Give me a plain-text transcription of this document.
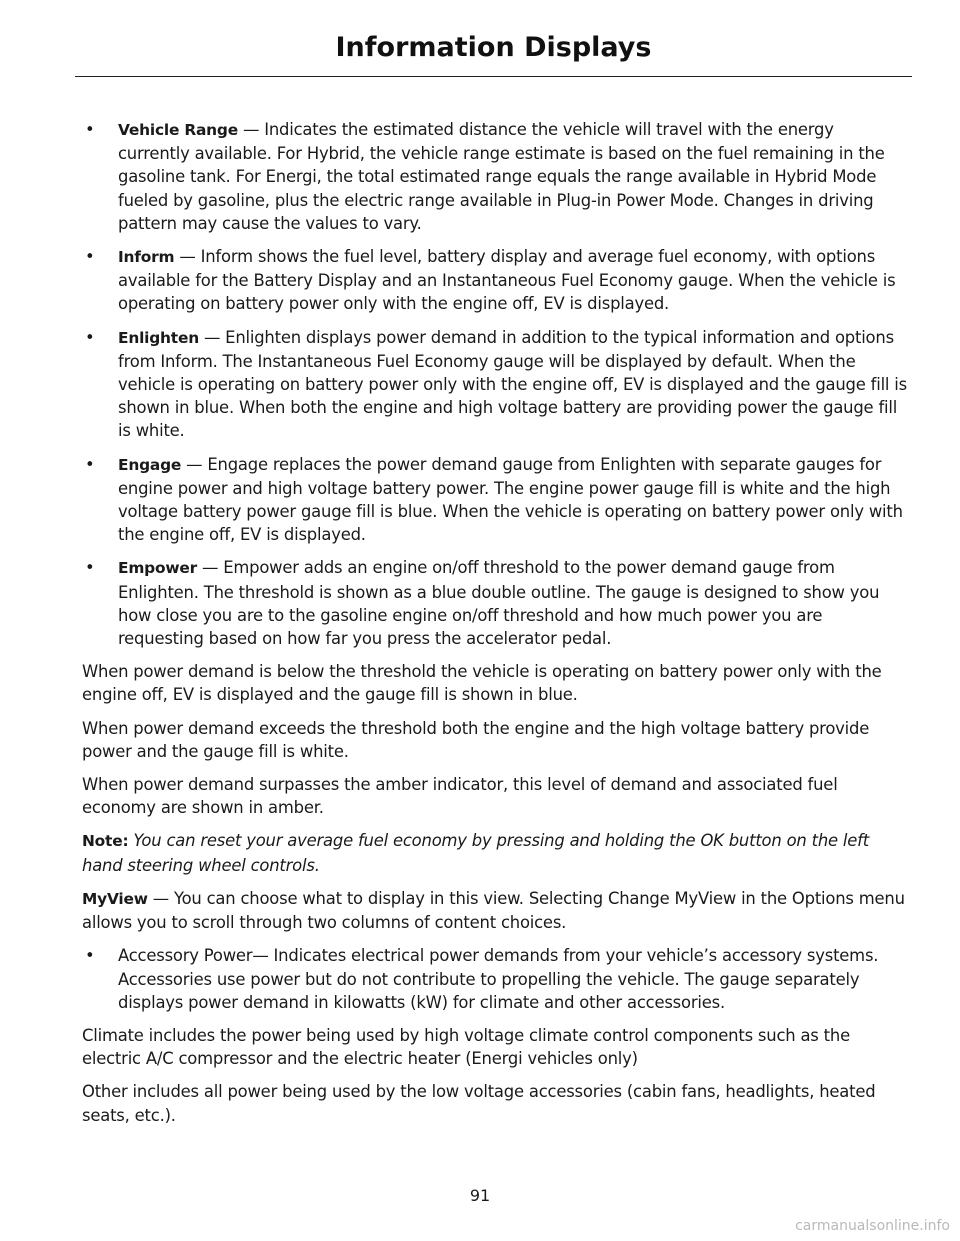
Information Displays
• Vehicle Range — Indicates the estimated distance the vehicle will travel with the energy currently available. For Hybrid, the vehicle range estimate is based on the fuel remaining in the gasoline tank. For Energi, the total estimated range equals the range available in Hybrid Mode fueled by gasoline, plus the electric range available in Plug-in Power Mode. Changes in driving pattern may cause the values to vary.
• Inform — Inform shows the fuel level, battery display and average fuel economy, with options available for the Battery Display and an Instantaneous Fuel Economy gauge. When the vehicle is operating on battery power only with the engine off, EV is displayed.
• Enlighten — Enlighten displays power demand in addition to the typical information and options from Inform. The Instantaneous Fuel Economy gauge will be displayed by default. When the vehicle is operating on battery power only with the engine off, EV is displayed and the gauge fill is shown in blue. When both the engine and high voltage battery are providing power the gauge fill is white.
• Engage — Engage replaces the power demand gauge from Enlighten with separate gauges for engine power and high voltage battery power. The engine power gauge fill is white and the high voltage battery power gauge fill is blue. When the vehicle is operating on battery power only with the engine off, EV is displayed.
• Empower — Empower adds an engine on/off threshold to the power demand gauge from Enlighten. The threshold is shown as a blue double outline. The gauge is designed to show you how close you are to the gasoline engine on/off threshold and how much power you are requesting based on how far you press the accelerator pedal.

When power demand is below the threshold the vehicle is operating on battery power only with the engine off, EV is displayed and the gauge fill is shown in blue.

When power demand exceeds the threshold both the engine and the high voltage battery provide power and the gauge fill is white.

When power demand surpasses the amber indicator, this level of demand and associated fuel economy are shown in amber.

Note: You can reset your average fuel economy by pressing and holding the OK button on the left hand steering wheel controls.

MyView — You can choose what to display in this view. Selecting Change MyView in the Options menu allows you to scroll through two columns of content choices.

• Accessory Power— Indicates electrical power demands from your vehicle’s accessory systems. Accessories use power but do not contribute to propelling the vehicle. The gauge separately displays power demand in kilowatts (kW) for climate and other accessories.

Climate includes the power being used by high voltage climate control components such as the electric A/C compressor and the electric heater (Energi vehicles only)

Other includes all power being used by the low voltage accessories (cabin fans, headlights, heated seats, etc.).

91
carmanualsonline.info
